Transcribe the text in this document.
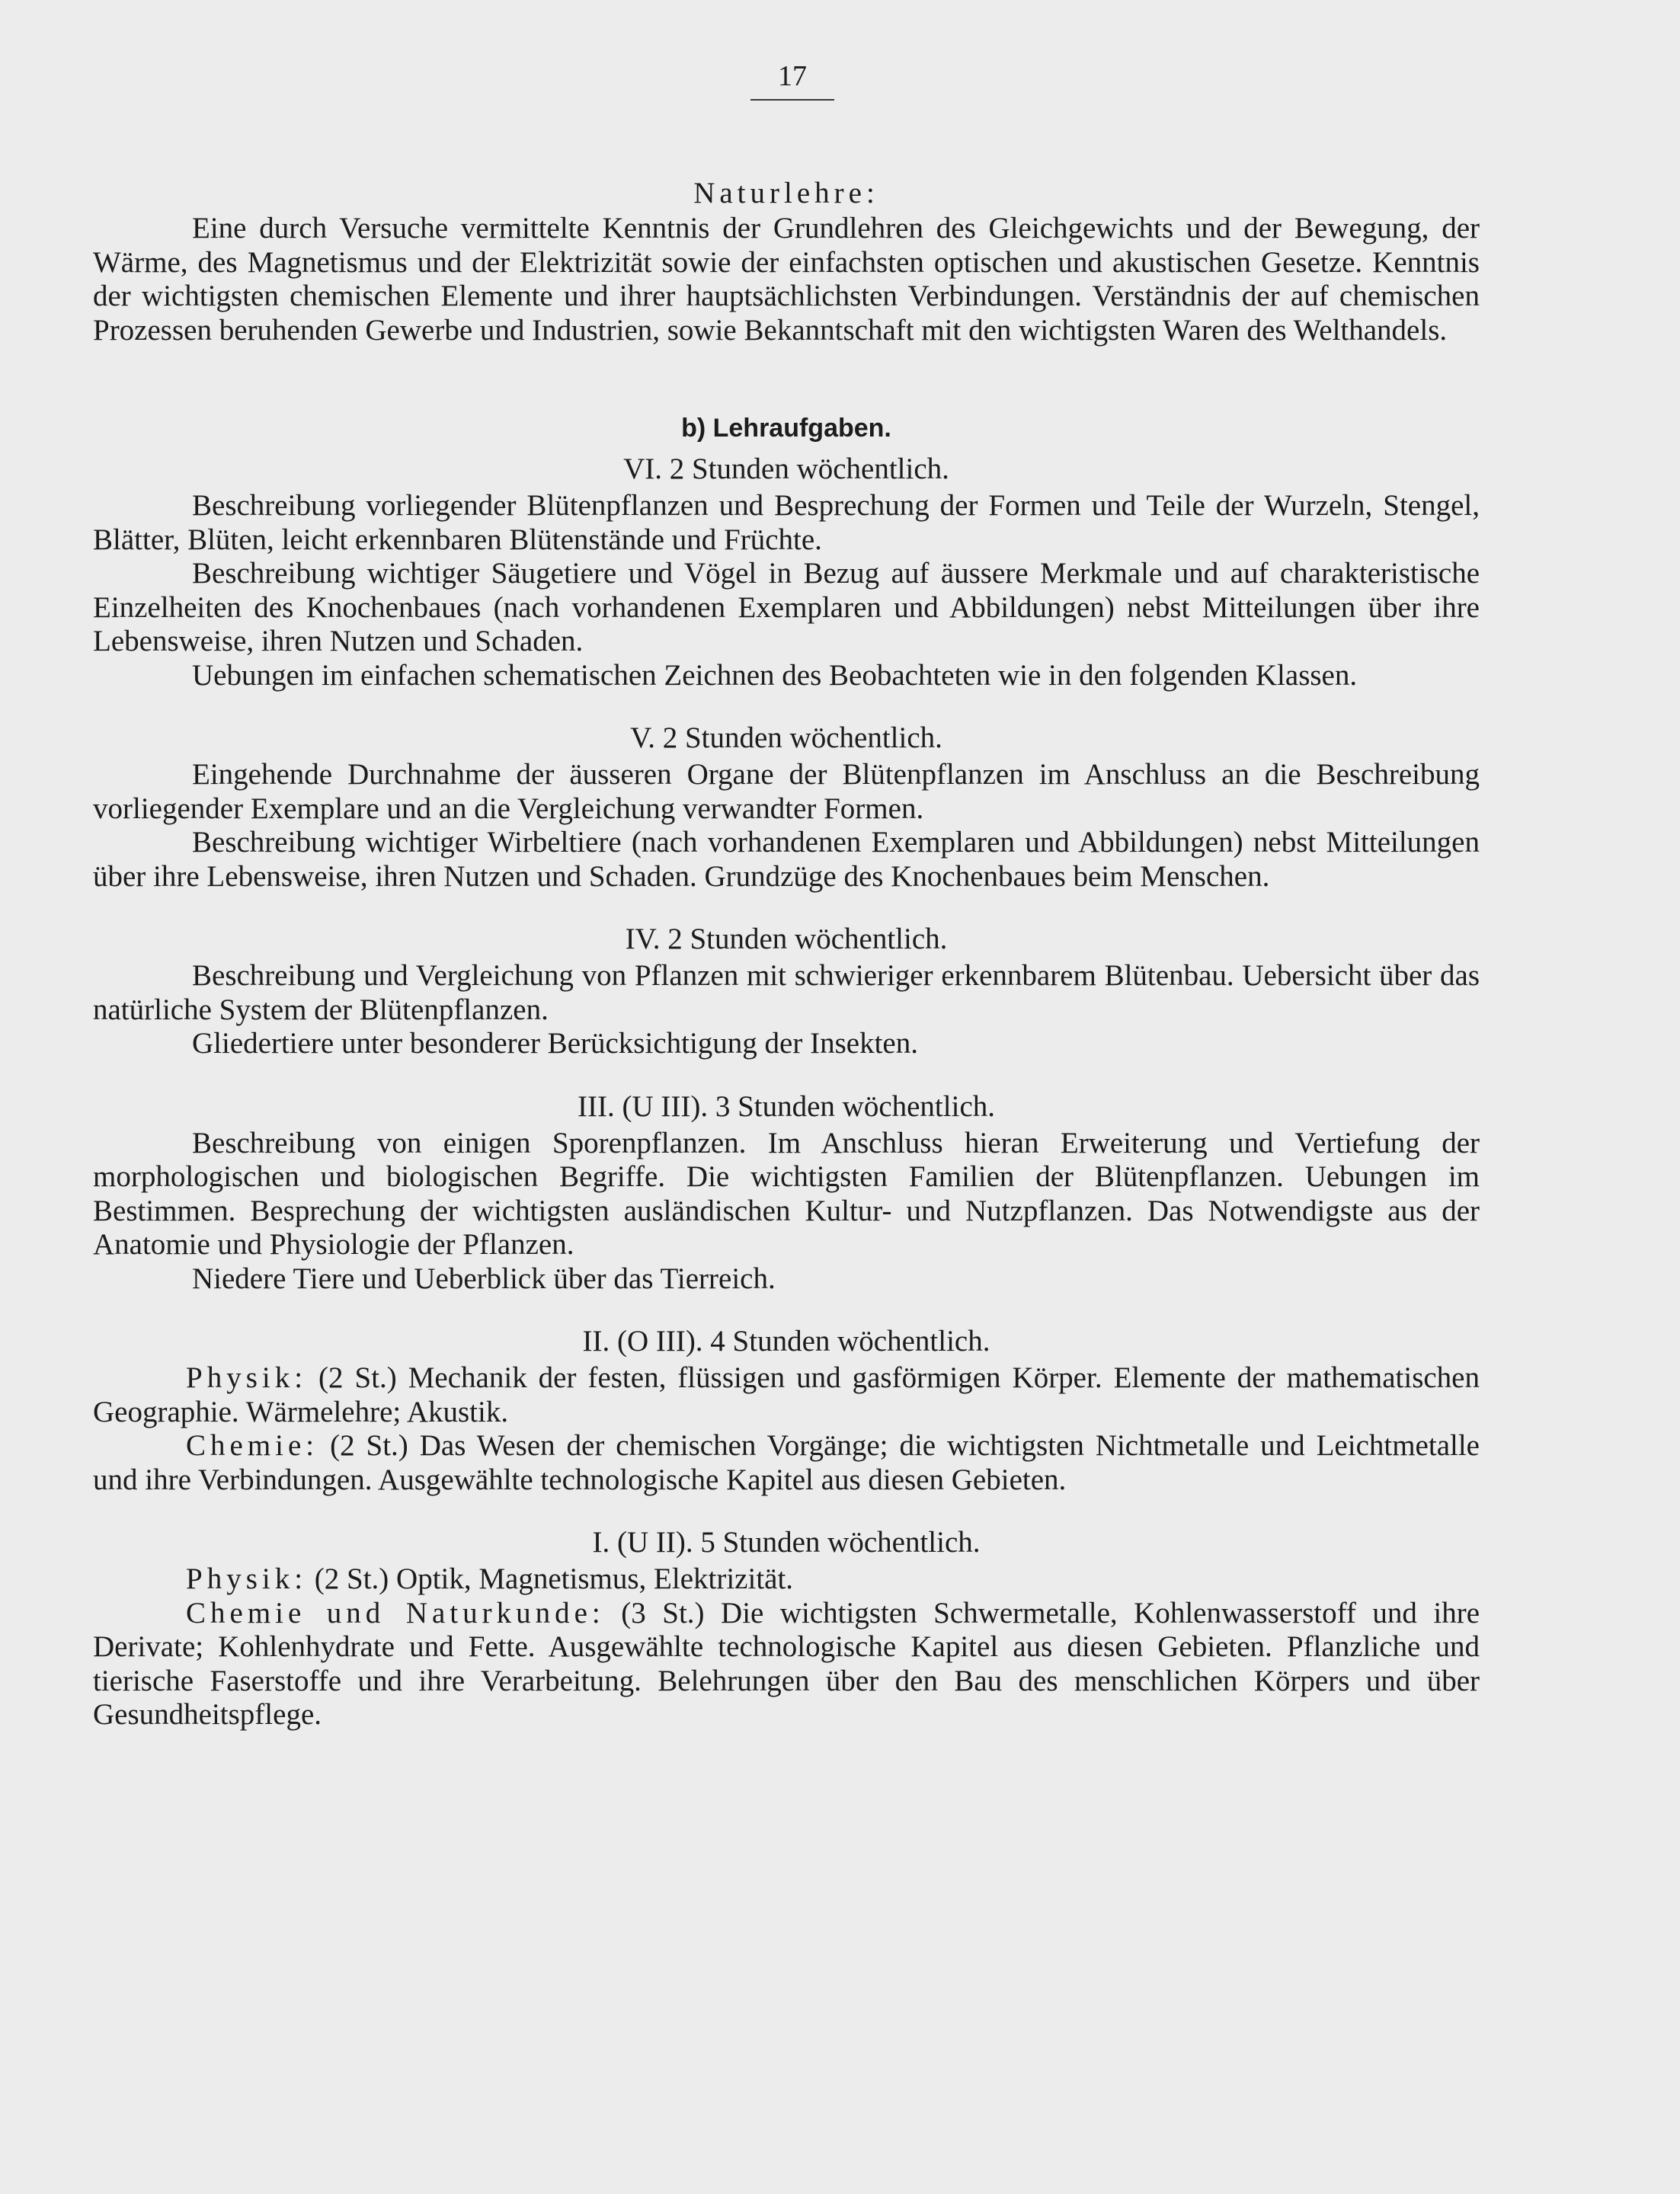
17

Naturlehre:

Eine durch Versuche vermittelte Kenntnis der Grundlehren des Gleichgewichts und der Bewegung, der Wärme, des Magnetismus und der Elektrizität sowie der einfachsten optischen und akustischen Gesetze. Kenntnis der wichtigsten chemischen Elemente und ihrer hauptsächlichsten Verbindungen. Verständnis der auf chemischen Prozessen beruhenden Gewerbe und Industrien, sowie Bekanntschaft mit den wichtigsten Waren des Welthandels.

b) Lehraufgaben.
VI. 2 Stunden wöchentlich.

Beschreibung vorliegender Blütenpflanzen und Besprechung der Formen und Teile der Wurzeln, Stengel, Blätter, Blüten, leicht erkennbaren Blütenstände und Früchte.

Beschreibung wichtiger Säugetiere und Vögel in Bezug auf äussere Merkmale und auf charakteristische Einzelheiten des Knochenbaues (nach vorhandenen Exemplaren und Abbildungen) nebst Mitteilungen über ihre Lebensweise, ihren Nutzen und Schaden.

Uebungen im einfachen schematischen Zeichnen des Beobachteten wie in den folgenden Klassen.

V. 2 Stunden wöchentlich.

Eingehende Durchnahme der äusseren Organe der Blütenpflanzen im Anschluss an die Beschreibung vorliegender Exemplare und an die Vergleichung verwandter Formen.

Beschreibung wichtiger Wirbeltiere (nach vorhandenen Exemplaren und Abbildungen) nebst Mitteilungen über ihre Lebensweise, ihren Nutzen und Schaden. Grundzüge des Knochenbaues beim Menschen.

IV. 2 Stunden wöchentlich.

Beschreibung und Vergleichung von Pflanzen mit schwieriger erkennbarem Blütenbau. Uebersicht über das natürliche System der Blütenpflanzen.

Gliedertiere unter besonderer Berücksichtigung der Insekten.

III. (U III). 3 Stunden wöchentlich.

Beschreibung von einigen Sporenpflanzen. Im Anschluss hieran Erweiterung und Vertiefung der morphologischen und biologischen Begriffe. Die wichtigsten Familien der Blütenpflanzen. Uebungen im Bestimmen. Besprechung der wichtigsten ausländischen Kultur- und Nutzpflanzen. Das Notwendigste aus der Anatomie und Physiologie der Pflanzen.

Niedere Tiere und Ueberblick über das Tierreich.

II. (O III). 4 Stunden wöchentlich.

Physik: (2 St.) Mechanik der festen, flüssigen und gasförmigen Körper. Elemente der mathematischen Geographie. Wärmelehre; Akustik.

Chemie: (2 St.) Das Wesen der chemischen Vorgänge; die wichtigsten Nichtmetalle und Leichtmetalle und ihre Verbindungen. Ausgewählte technologische Kapitel aus diesen Gebieten.

I. (U II). 5 Stunden wöchentlich.

Physik: (2 St.) Optik, Magnetismus, Elektrizität.

Chemie und Naturkunde: (3 St.) Die wichtigsten Schwermetalle, Kohlenwasserstoff und ihre Derivate; Kohlenhydrate und Fette. Ausgewählte technologische Kapitel aus diesen Gebieten. Pflanzliche und tierische Faserstoffe und ihre Verarbeitung. Belehrungen über den Bau des menschlichen Körpers und über Gesundheitspflege.
